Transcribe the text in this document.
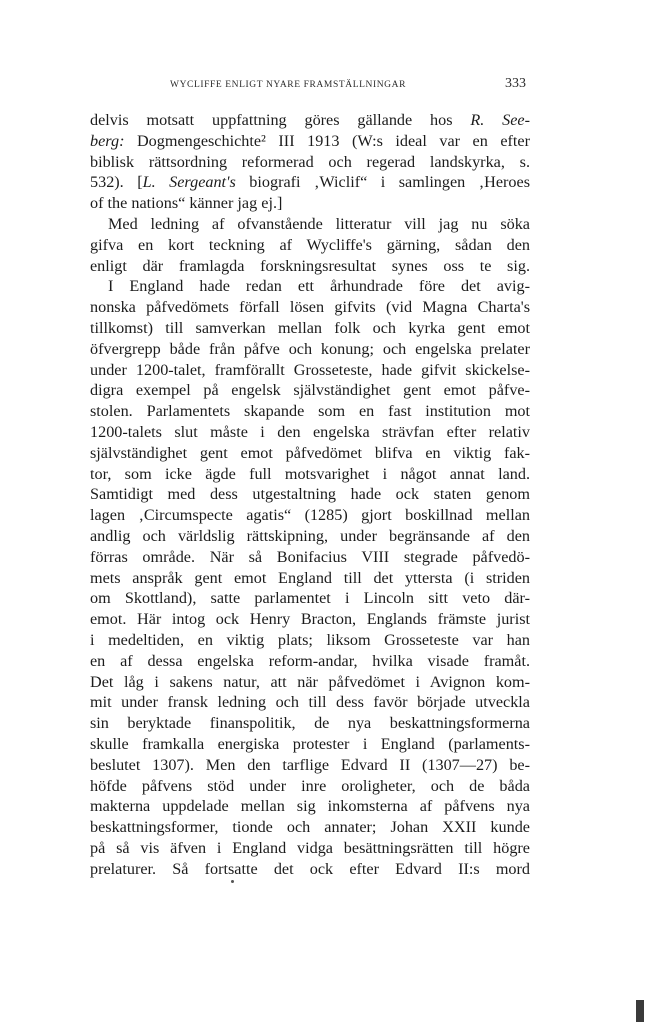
WYCLIFFE ENLIGT NYARE FRAMSTÄLLNINGAR	333
delvis motsatt uppfattning göres gällande hos R. See-
berg: Dogmengeschichte² III 1913 (W:s ideal var en efter
biblisk rättsordning reformerad och regerad landskyrka, s.
532). [L. Sergeant's biografi ‚Wiclif“ i samlingen ‚Heroes
of the nations“ känner jag ej.]
Med ledning af ofvanstående litteratur vill jag nu söka
gifva en kort teckning af Wycliffe's gärning, sådan den
enligt där framlagda forskningsresultat synes oss te sig.
I England hade redan ett århundrade före det avig-
nonska påfvedömets förfall lösen gifvits (vid Magna Charta's
tillkomst) till samverkan mellan folk och kyrka gent emot
öfvergrepp både från påfve och konung; och engelska prelater
under 1200-talet, framförallt Grosseteste, hade gifvit skickelse-
digra exempel på engelsk självständighet gent emot påfve-
stolen. Parlamentets skapande som en fast institution mot
1200-talets slut måste i den engelska strävfan efter relativ
självständighet gent emot påfvedömet blifva en viktig fak-
tor, som icke ägde full motsvarighet i något annat land.
Samtidigt med dess utgestaltning hade ock staten genom
lagen ‚Circumspecte agatis“ (1285) gjort boskillnad mellan
andlig och världslig rättskipning, under begränsande af den
förras område. När så Bonifacius VIII stegrade påfvedö-
mets anspråk gent emot England till det yttersta (i striden
om Skottland), satte parlamentet i Lincoln sitt veto där-
emot. Här intog ock Henry Bracton, Englands främste jurist
i medeltiden, en viktig plats; liksom Grosseteste var han
en af dessa engelska reform-andar, hvilka visade framåt.
Det låg i sakens natur, att när påfvedömet i Avignon kom-
mit under fransk ledning och till dess favör började utveckla
sin beryktade finanspolitik, de nya beskattningsformerna
skulle framkalla energiska protester i England (parlaments-
beslutet 1307). Men den tarflige Edvard II (1307—27) be-
höfde påfvens stöd under inre oroligheter, och de båda
makterna uppdelade mellan sig inkomsterna af påfvens nya
beskattningsformer, tionde och annater; Johan XXII kunde
på så vis äfven i England vidga besättningsrätten till högre
prelaturer. Så fortsatte det ock efter Edvard II:s mord
